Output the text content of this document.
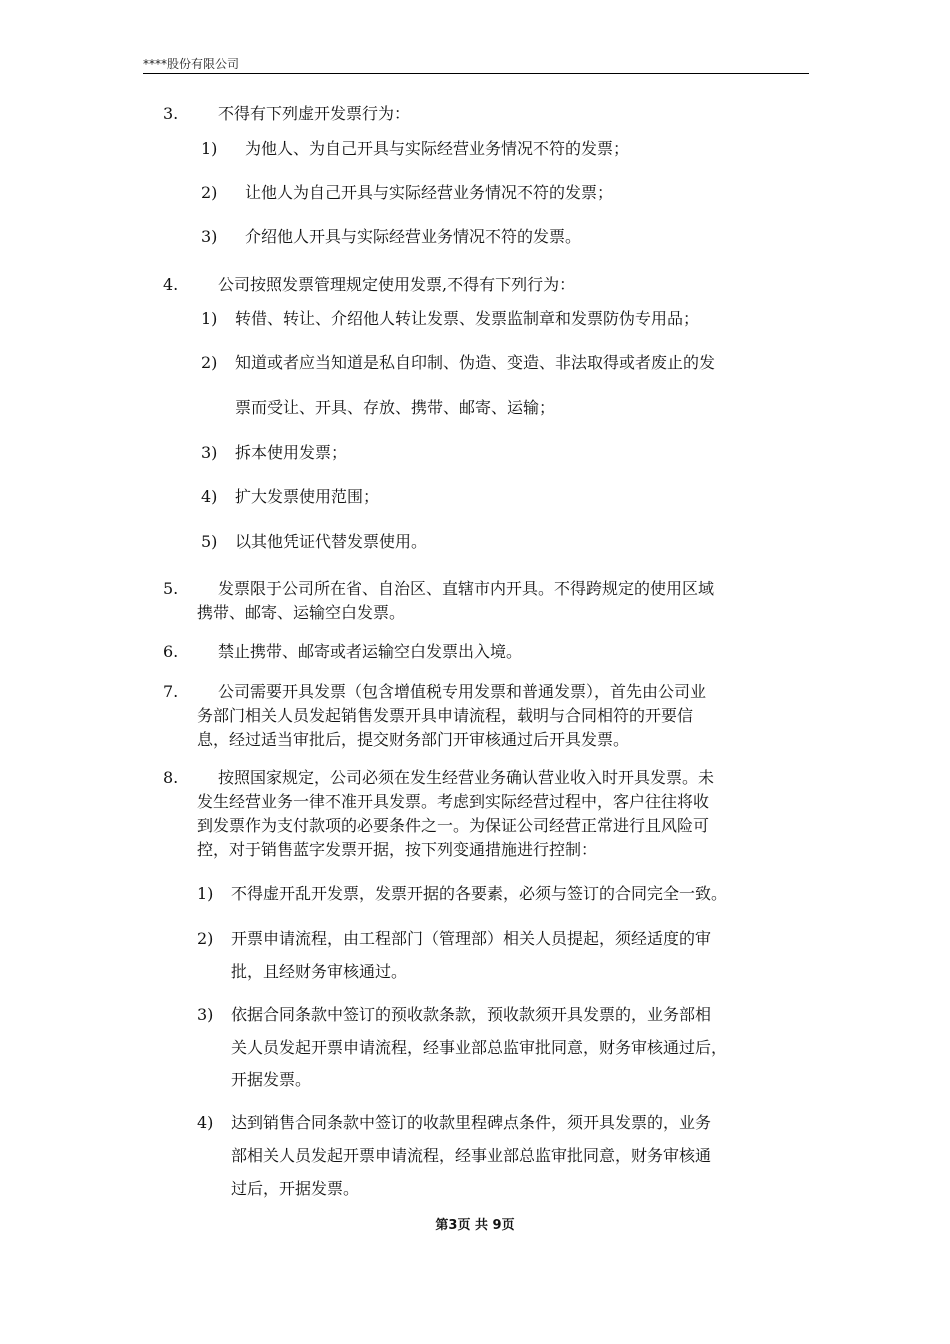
****股份有限公司
3. 不得有下列虚开发票行为：
1) 为他人、为自己开具与实际经营业务情况不符的发票；
2) 让他人为自己开具与实际经营业务情况不符的发票；
3) 介绍他人开具与实际经营业务情况不符的发票。
4. 公司按照发票管理规定使用发票,不得有下列行为：
1) 转借、转让、介绍他人转让发票、发票监制章和发票防伪专用品；
2) 知道或者应当知道是私自印制、伪造、变造、非法取得或者废止的发
票而受让、开具、存放、携带、邮寄、运输；
3) 拆本使用发票；
4) 扩大发票使用范围；
5) 以其他凭证代替发票使用。
5.	发票限于公司所在省、自治区、直辖市内开具。不得跨规定的使用区域
携带、邮寄、运输空白发票。
6. 禁止携带、邮寄或者运输空白发票出入境。
7.	公司需要开具发票（包含增值税专用发票和普通发票），首先由公司业
务部门相关人员发起销售发票开具申请流程，载明与合同相符的开要信
息，经过适当审批后，提交财务部门开审核通过后开具发票。
8.	按照国家规定，公司必须在发生经营业务确认营业收入时开具发票。未
发生经营业务一律不准开具发票。考虑到实际经营过程中，客户往往将收
到发票作为支付款项的必要条件之一。为保证公司经营正常进行且风险可
控，对于销售蓝字发票开据，按下列变通措施进行控制：
1) 不得虚开乱开发票，发票开据的各要素，必须与签订的合同完全一致。
2) 开票申请流程，由工程部门（管理部）相关人员提起，须经适度的审
批，且经财务审核通过。
3) 依据合同条款中签订的预收款条款，预收款须开具发票的，业务部相
关人员发起开票申请流程，经事业部总监审批同意，财务审核通过后，
开据发票。
4) 达到销售合同条款中签订的收款里程碑点条件，须开具发票的，业务
部相关人员发起开票申请流程，经事业部总监审批同意，财务审核通
过后，开据发票。
第3页 共 9页
